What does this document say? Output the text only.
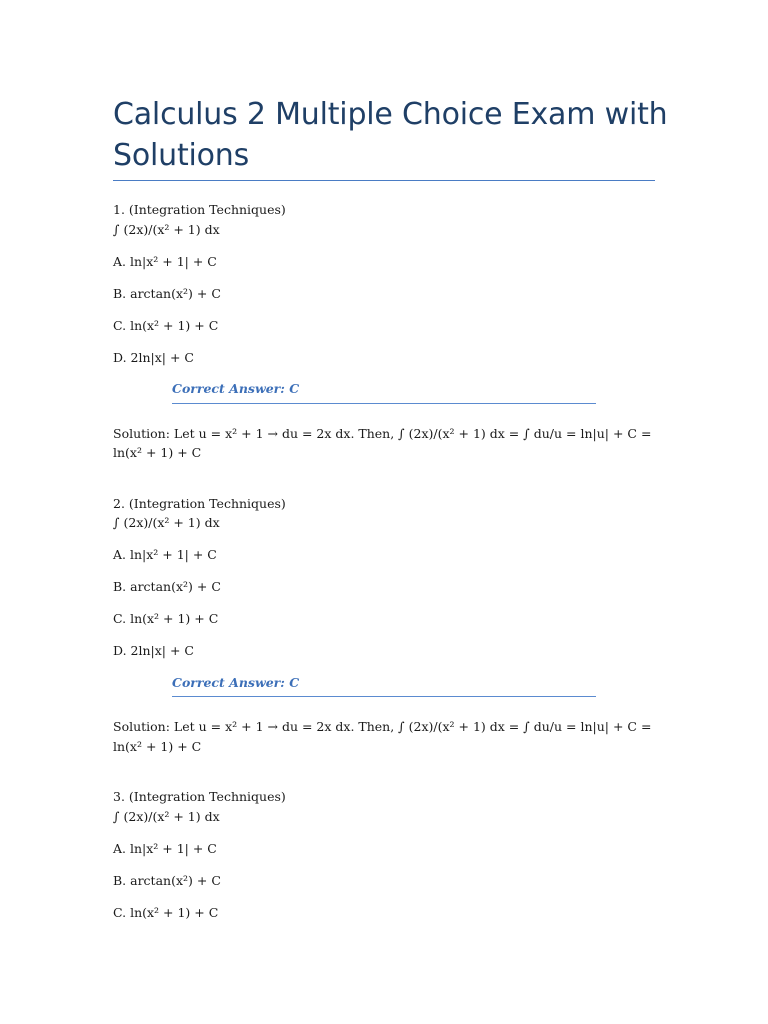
Calculus 2 Multiple Choice Exam with Solutions

1. (Integration Techniques)

∫ (2x)/(x² + 1) dx

A. ln|x² + 1| + C

B. arctan(x²) + C

C. ln(x² + 1) + C

D. 2ln|x| + C

Correct Answer: C

Solution: Let u = x² + 1 → du = 2x dx. Then, ∫ (2x)/(x² + 1) dx = ∫ du/u = ln|u| + C = ln(x² + 1) + C

2. (Integration Techniques)

∫ (2x)/(x² + 1) dx

A. ln|x² + 1| + C

B. arctan(x²) + C

C. ln(x² + 1) + C

D. 2ln|x| + C

Correct Answer: C

Solution: Let u = x² + 1 → du = 2x dx. Then, ∫ (2x)/(x² + 1) dx = ∫ du/u = ln|u| + C = ln(x² + 1) + C

3. (Integration Techniques)

∫ (2x)/(x² + 1) dx

A. ln|x² + 1| + C

B. arctan(x²) + C

C. ln(x² + 1) + C
